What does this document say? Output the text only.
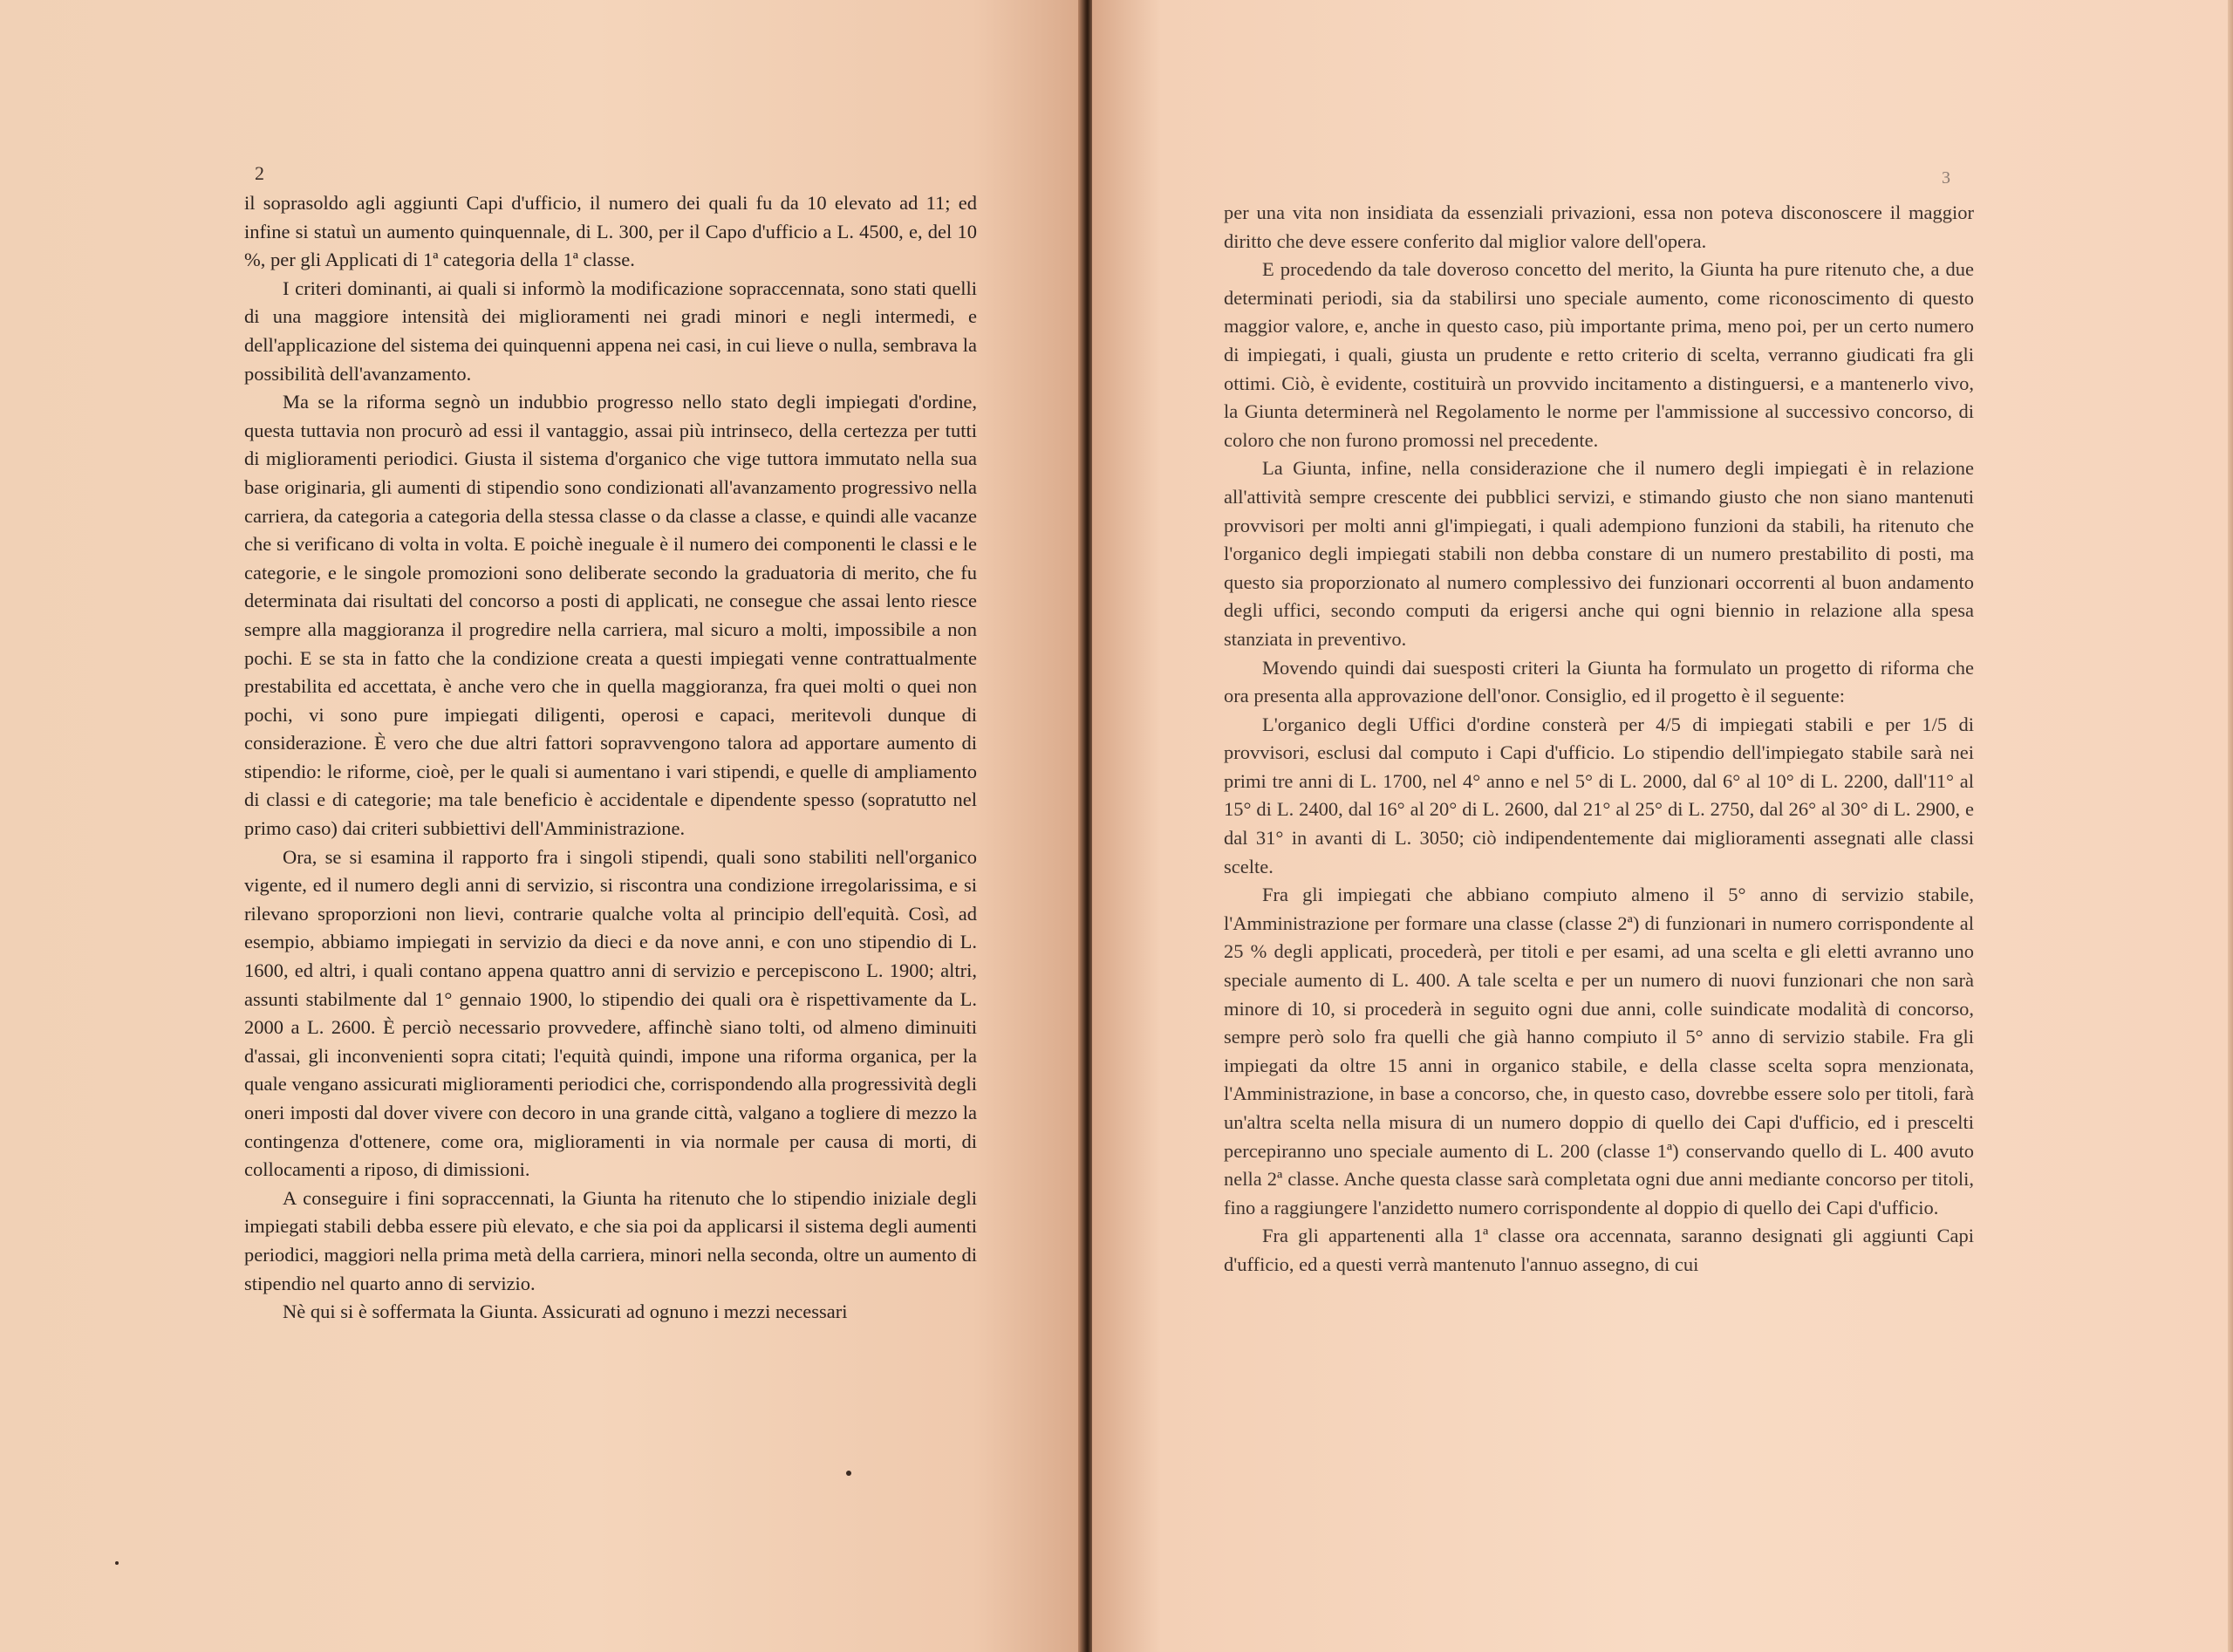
2

il soprasoldo agli aggiunti Capi d'ufficio, il numero dei quali fu da 10 elevato ad 11; ed infine si statuì un aumento quinquennale, di L. 300, per il Capo d'ufficio a L. 4500, e, del 10 %, per gli Applicati di 1ª categoria della 1ª classe.

I criteri dominanti, ai quali si informò la modificazione sopraccennata, sono stati quelli di una maggiore intensità dei miglioramenti nei gradi minori e negli intermedi, e dell'applicazione del sistema dei quinquenni appena nei casi, in cui lieve o nulla, sembrava la possibilità dell'avanzamento.

Ma se la riforma segnò un indubbio progresso nello stato degli impiegati d'ordine, questa tuttavia non procurò ad essi il vantaggio, assai più intrinseco, della certezza per tutti di miglioramenti periodici. Giusta il sistema d'organico che vige tuttora immutato nella sua base originaria, gli aumenti di stipendio sono condizionati all'avanzamento progressivo nella carriera, da categoria a categoria della stessa classe o da classe a classe, e quindi alle vacanze che si verificano di volta in volta. E poichè ineguale è il numero dei componenti le classi e le categorie, e le singole promozioni sono deliberate secondo la graduatoria di merito, che fu determinata dai risultati del concorso a posti di applicati, ne consegue che assai lento riesce sempre alla maggioranza il progredire nella carriera, mal sicuro a molti, impossibile a non pochi. E se sta in fatto che la condizione creata a questi impiegati venne contrattualmente prestabilita ed accettata, è anche vero che in quella maggioranza, fra quei molti o quei non pochi, vi sono pure impiegati diligenti, operosi e capaci, meritevoli dunque di considerazione. È vero che due altri fattori sopravvengono talora ad apportare aumento di stipendio: le riforme, cioè, per le quali si aumentano i vari stipendi, e quelle di ampliamento di classi e di categorie; ma tale beneficio è accidentale e dipendente spesso (sopratutto nel primo caso) dai criteri subbiettivi dell'Amministrazione.

Ora, se si esamina il rapporto fra i singoli stipendi, quali sono stabiliti nell'organico vigente, ed il numero degli anni di servizio, si riscontra una condizione irregolarissima, e si rilevano sproporzioni non lievi, contrarie qualche volta al principio dell'equità. Così, ad esempio, abbiamo impiegati in servizio da dieci e da nove anni, e con uno stipendio di L. 1600, ed altri, i quali contano appena quattro anni di servizio e percepiscono L. 1900; altri, assunti stabilmente dal 1° gennaio 1900, lo stipendio dei quali ora è rispettivamente da L. 2000 a L. 2600. È perciò necessario provvedere, affinchè siano tolti, od almeno diminuiti d'assai, gli inconvenienti sopra citati; l'equità quindi, impone una riforma organica, per la quale vengano assicurati miglioramenti periodici che, corrispondendo alla progressività degli oneri imposti dal dover vivere con decoro in una grande città, valgano a togliere di mezzo la contingenza d'ottenere, come ora, miglioramenti in via normale per causa di morti, di collocamenti a riposo, di dimissioni.

A conseguire i fini sopraccennati, la Giunta ha ritenuto che lo stipendio iniziale degli impiegati stabili debba essere più elevato, e che sia poi da applicarsi il sistema degli aumenti periodici, maggiori nella prima metà della carriera, minori nella seconda, oltre un aumento di stipendio nel quarto anno di servizio.

Nè qui si è soffermata la Giunta. Assicurati ad ognuno i mezzi necessari

3

per una vita non insidiata da essenziali privazioni, essa non poteva disconoscere il maggior diritto che deve essere conferito dal miglior valore dell'opera.

E procedendo da tale doveroso concetto del merito, la Giunta ha pure ritenuto che, a due determinati periodi, sia da stabilirsi uno speciale aumento, come riconoscimento di questo maggior valore, e, anche in questo caso, più importante prima, meno poi, per un certo numero di impiegati, i quali, giusta un prudente e retto criterio di scelta, verranno giudicati fra gli ottimi. Ciò, è evidente, costituirà un provvido incitamento a distinguersi, e a mantenerlo vivo, la Giunta determinerà nel Regolamento le norme per l'ammissione al successivo concorso, di coloro che non furono promossi nel precedente.

La Giunta, infine, nella considerazione che il numero degli impiegati è in relazione all'attività sempre crescente dei pubblici servizi, e stimando giusto che non siano mantenuti provvisori per molti anni gl'impiegati, i quali adempiono funzioni da stabili, ha ritenuto che l'organico degli impiegati stabili non debba constare di un numero prestabilito di posti, ma questo sia proporzionato al numero complessivo dei funzionari occorrenti al buon andamento degli uffici, secondo computi da erigersi anche qui ogni biennio in relazione alla spesa stanziata in preventivo.

Movendo quindi dai suesposti criteri la Giunta ha formulato un progetto di riforma che ora presenta alla approvazione dell'onor. Consiglio, ed il progetto è il seguente:

L'organico degli Uffici d'ordine consterà per 4/5 di impiegati stabili e per 1/5 di provvisori, esclusi dal computo i Capi d'ufficio. Lo stipendio dell'impiegato stabile sarà nei primi tre anni di L. 1700, nel 4° anno e nel 5° di L. 2000, dal 6° al 10° di L. 2200, dall'11° al 15° di L. 2400, dal 16° al 20° di L. 2600, dal 21° al 25° di L. 2750, dal 26° al 30° di L. 2900, e dal 31° in avanti di L. 3050; ciò indipendentemente dai miglioramenti assegnati alle classi scelte.

Fra gli impiegati che abbiano compiuto almeno il 5° anno di servizio stabile, l'Amministrazione per formare una classe (classe 2ª) di funzionari in numero corrispondente al 25 % degli applicati, procederà, per titoli e per esami, ad una scelta e gli eletti avranno uno speciale aumento di L. 400. A tale scelta e per un numero di nuovi funzionari che non sarà minore di 10, si procederà in seguito ogni due anni, colle suindicate modalità di concorso, sempre però solo fra quelli che già hanno compiuto il 5° anno di servizio stabile. Fra gli impiegati da oltre 15 anni in organico stabile, e della classe scelta sopra menzionata, l'Amministrazione, in base a concorso, che, in questo caso, dovrebbe essere solo per titoli, farà un'altra scelta nella misura di un numero doppio di quello dei Capi d'ufficio, ed i prescelti percepiranno uno speciale aumento di L. 200 (classe 1ª) conservando quello di L. 400 avuto nella 2ª classe. Anche questa classe sarà completata ogni due anni mediante concorso per titoli, fino a raggiungere l'anzidetto numero corrispondente al doppio di quello dei Capi d'ufficio.

Fra gli appartenenti alla 1ª classe ora accennata, saranno designati gli aggiunti Capi d'ufficio, ed a questi verrà mantenuto l'annuo assegno, di cui
